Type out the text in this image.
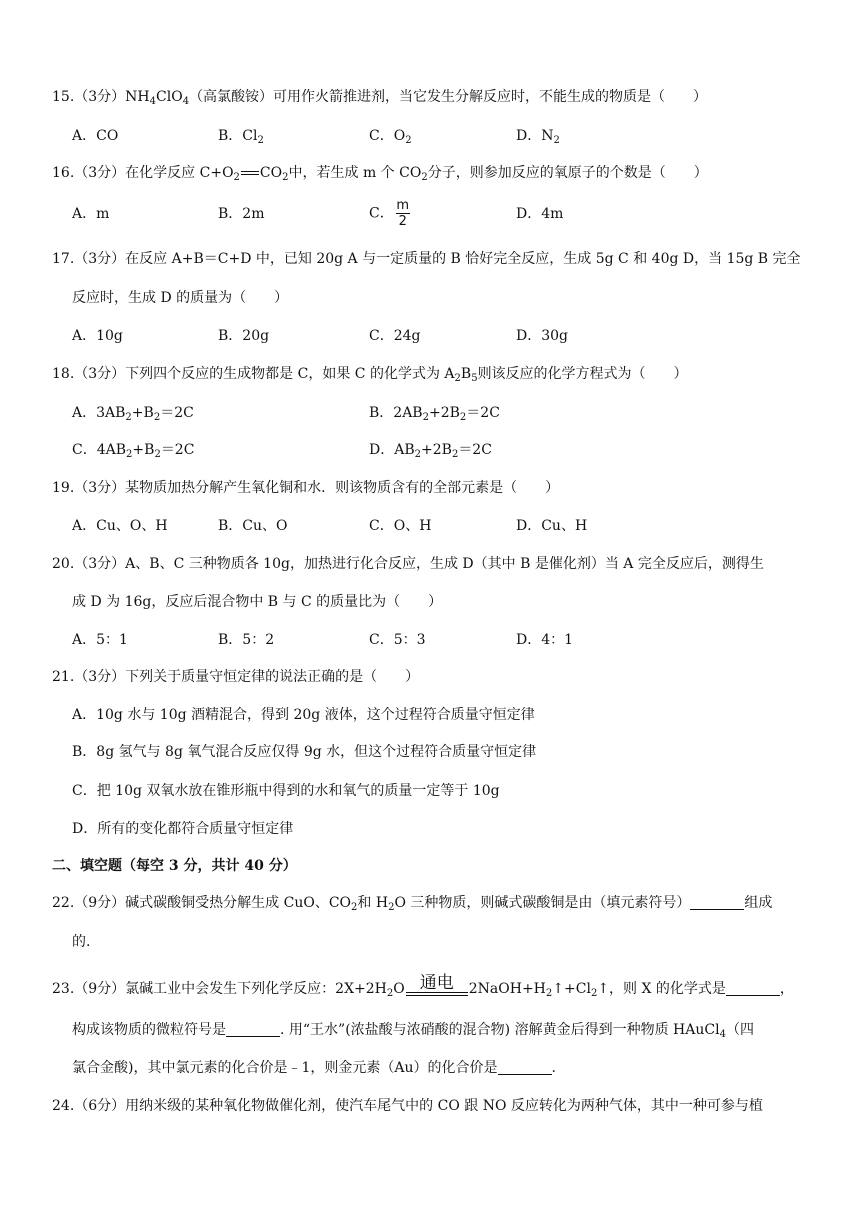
15.（3分）$NH_4ClO_4$（高氯酸铵）可用作火箭推进剂，当它发生分解反应时，不能生成的物质是（　　）
A．CO	B．$Cl_2$	C．$O_2$	D．$N_2$
16.（3分）在化学反应 $C+O_2$ $CO_2$中，若生成 m 个 $CO_2$分子，则参加反应的氧原子的个数是（　　）
A．m	B．2m	C． $\frac{m}{2}$	D．4m
17.（3分）在反应 A+B＝C+D 中，已知 20g A 与一定质量的 B 恰好完全反应，生成 5g C 和 40g D，当 15g B 完全
反应时，生成 D 的质量为（　　）
A．10g	B．20g	C．24g	D．30g
18.（3分）下列四个反应的生成物都是 C，如果 C 的化学式为 $A_2B_5$则该反应的化学方程式为（　　）
A．$3AB_2+B_2=2C$	B．$2AB_2+2B_2=2C$
C．$4AB_2+B_2=2C$	D．$AB_2+2B_2=2C$
19.（3分）某物质加热分解产生氧化铜和水．则该物质含有的全部元素是（　　）
A．Cu、O、H	B．Cu、O	C．O、H	D．Cu、H
20.（3分）A、B、C 三种物质各 10g，加热进行化合反应，生成 D（其中 B 是催化剂）当 A 完全反应后，测得生
成 D 为 16g，反应后混合物中 B 与 C 的质量比为（　　）
A．5：1	B．5：2	C．5：3	D．4：1
21.（3分）下列关于质量守恒定律的说法正确的是（　　）
A．10g 水与 10g 酒精混合，得到 20g 液体，这个过程符合质量守恒定律
B．8g 氢气与 8g 氧气混合反应仅得 9g 水，但这个过程符合质量守恒定律
C．把 10g 双氧水放在锥形瓶中得到的水和氧气的质量一定等于 10g
D．所有的变化都符合质量守恒定律
二、填空题（每空 3 分，共计 40 分）
22.（9分）碱式碳酸铜受热分解生成 CuO、$CO_2$和 $H_2O$ 三种物质，则碱式碳酸铜是由（填元素符号）	组成
的.
23.（9分）氯碱工业中会发生下列化学反应：$2X+2H_2O$ 通电 $2NaOH+H_2↑+Cl_2↑$，则 X 的化学式是	，
构成该物质的微粒符号是	. 用“王水”(浓盐酸与浓硝酸的混合物) 溶解黄金后得到一种物质 HAuCl$_4$（四
氯合金酸)，其中氯元素的化合价是﹣1，则金元素（Au）的化合价是	.
24.（6分）用纳米级的某种氧化物做催化剂，使汽车尾气中的 CO 跟 NO 反应转化为两种气体，其中一种可参与植
